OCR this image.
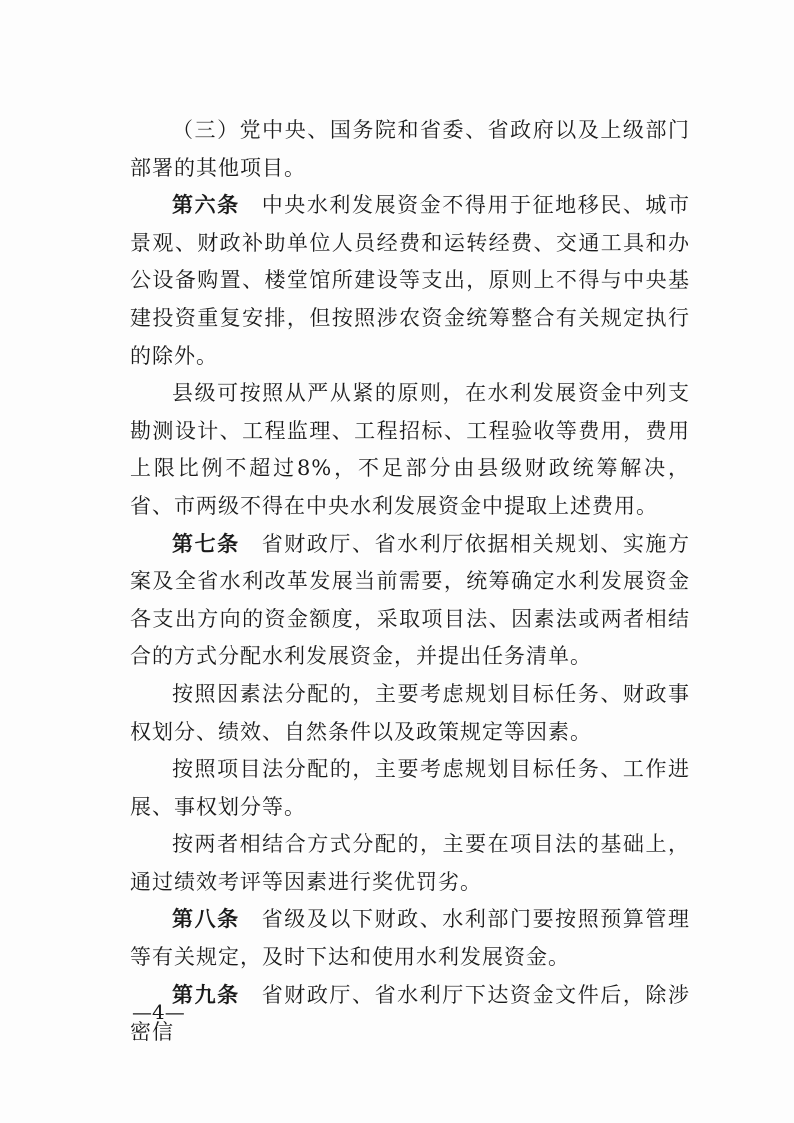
（三）党中央、国务院和省委、省政府以及上级部门部署的其他项目。

第六条 中央水利发展资金不得用于征地移民、城市景观、财政补助单位人员经费和运转经费、交通工具和办公设备购置、楼堂馆所建设等支出，原则上不得与中央基建投资重复安排，但按照涉农资金统筹整合有关规定执行的除外。

县级可按照从严从紧的原则，在水利发展资金中列支勘测设计、工程监理、工程招标、工程验收等费用，费用上限比例不超过8%，不足部分由县级财政统筹解决，省、市两级不得在中央水利发展资金中提取上述费用。

第七条 省财政厅、省水利厅依据相关规划、实施方案及全省水利改革发展当前需要，统筹确定水利发展资金各支出方向的资金额度，采取项目法、因素法或两者相结合的方式分配水利发展资金，并提出任务清单。

按照因素法分配的，主要考虑规划目标任务、财政事权划分、绩效、自然条件以及政策规定等因素。

按照项目法分配的，主要考虑规划目标任务、工作进展、事权划分等。

按两者相结合方式分配的，主要在项目法的基础上，通过绩效考评等因素进行奖优罚劣。

第八条 省级及以下财政、水利部门要按照预算管理等有关规定，及时下达和使用水利发展资金。

第九条 省财政厅、省水利厅下达资金文件后，除涉密信

—4—
